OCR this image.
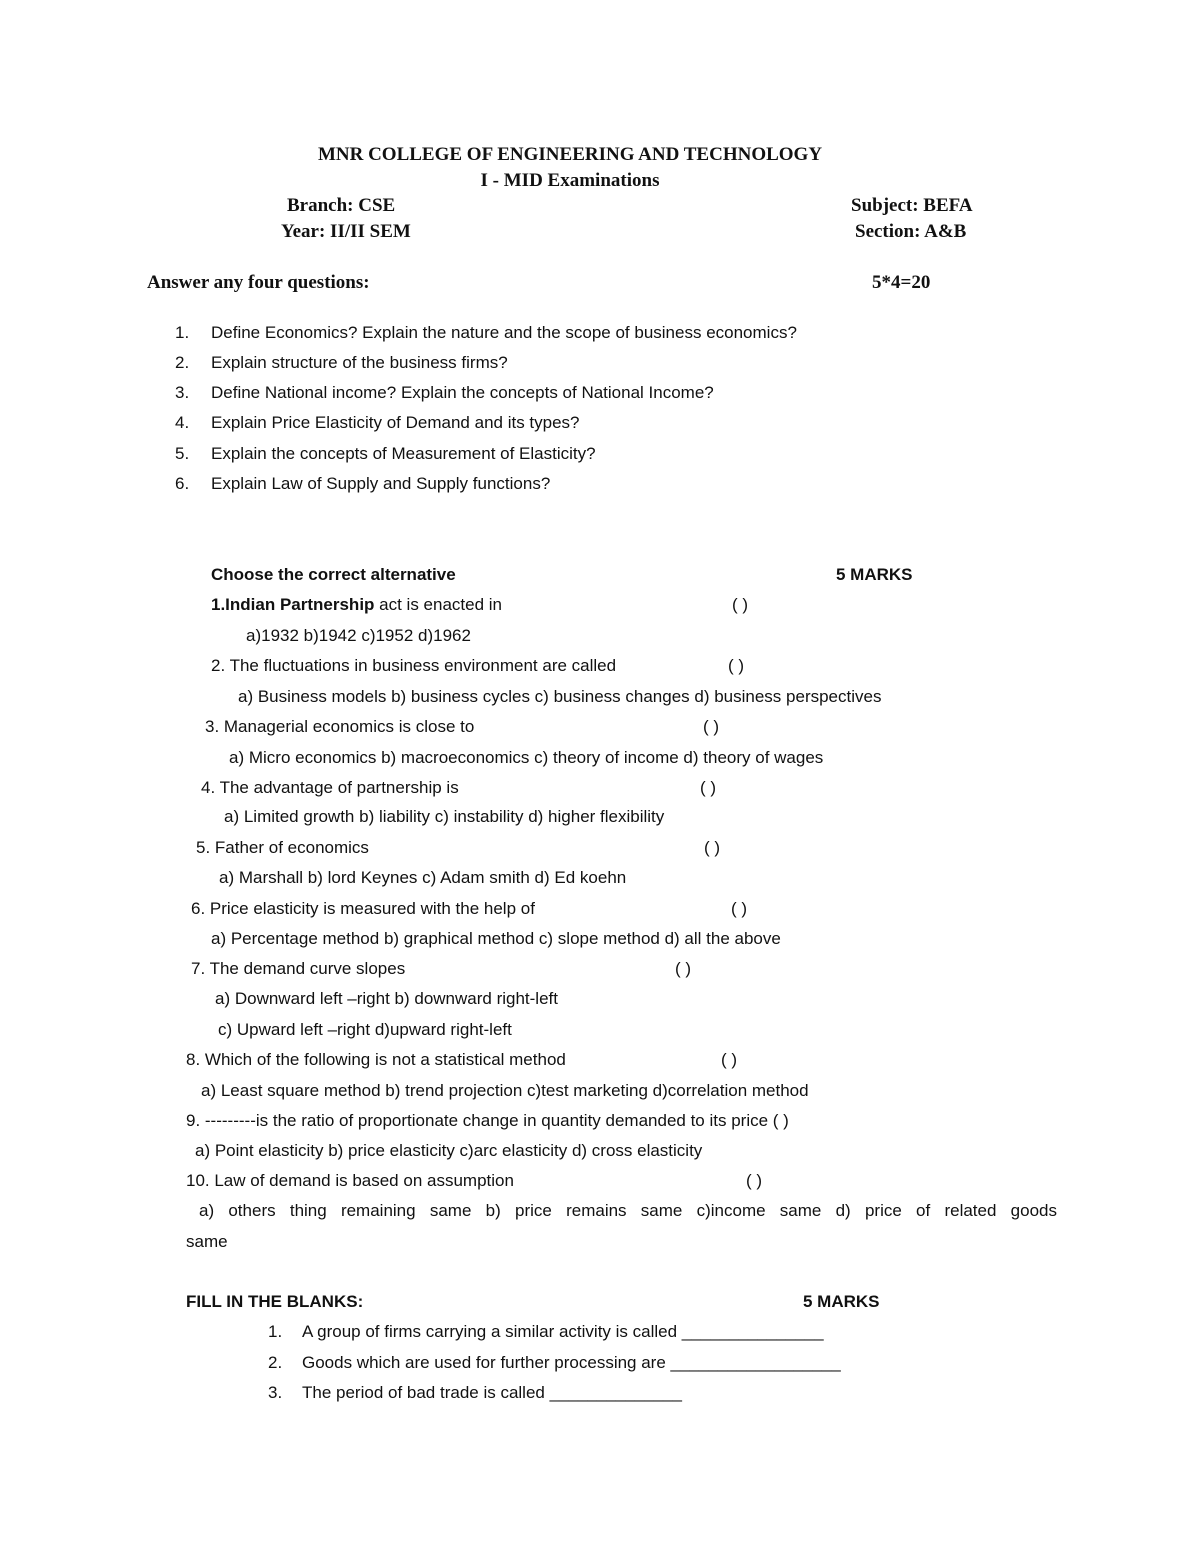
MNR COLLEGE OF ENGINEERING AND TECHNOLOGY
I - MID Examinations
Branch: CSE	Subject: BEFA
Year: II/II SEM	Section: A&B
Answer any four questions:	5*4=20
1. Define Economics? Explain the nature and the scope of business economics?
2. Explain structure of the business firms?
3. Define National income? Explain the concepts of National Income?
4. Explain Price Elasticity of Demand and its types?
5. Explain the concepts of Measurement of Elasticity?
6. Explain Law of Supply and Supply functions?
Choose the correct alternative	5 MARKS
1.Indian Partnership act is enacted in	( )
a)1932 b)1942 c)1952 d)1962
2. The fluctuations in business environment are called	( )
a) Business models b) business cycles c) business changes d) business perspectives
3. Managerial economics is close to	( )
a) Micro economics b) macroeconomics c) theory of income d) theory of wages
4. The advantage of partnership is	( )
a) Limited growth b) liability c) instability d) higher flexibility
5. Father of economics	( )
a) Marshall b) lord Keynes c) Adam smith d) Ed koehn
6. Price elasticity is measured with the help of	( )
a) Percentage method b) graphical method c) slope method d) all the above
7. The demand curve slopes	( )
a) Downward left –right b) downward right-left
c) Upward left –right d)upward right-left
8. Which of the following is not a statistical method	( )
a) Least square method b) trend projection c)test marketing d)correlation method
9. ---------is the ratio of proportionate change in quantity demanded to its price ( )
a) Point elasticity b) price elasticity c)arc elasticity d) cross elasticity
10. Law of demand is based on assumption	( )
a) others thing remaining same b) price remains same c)income same d) price of related goods
same
FILL IN THE BLANKS:	5 MARKS
1. A group of firms carrying a similar activity is called _______________
2. Goods which are used for further processing are __________________
3. The period of bad trade is called ______________
